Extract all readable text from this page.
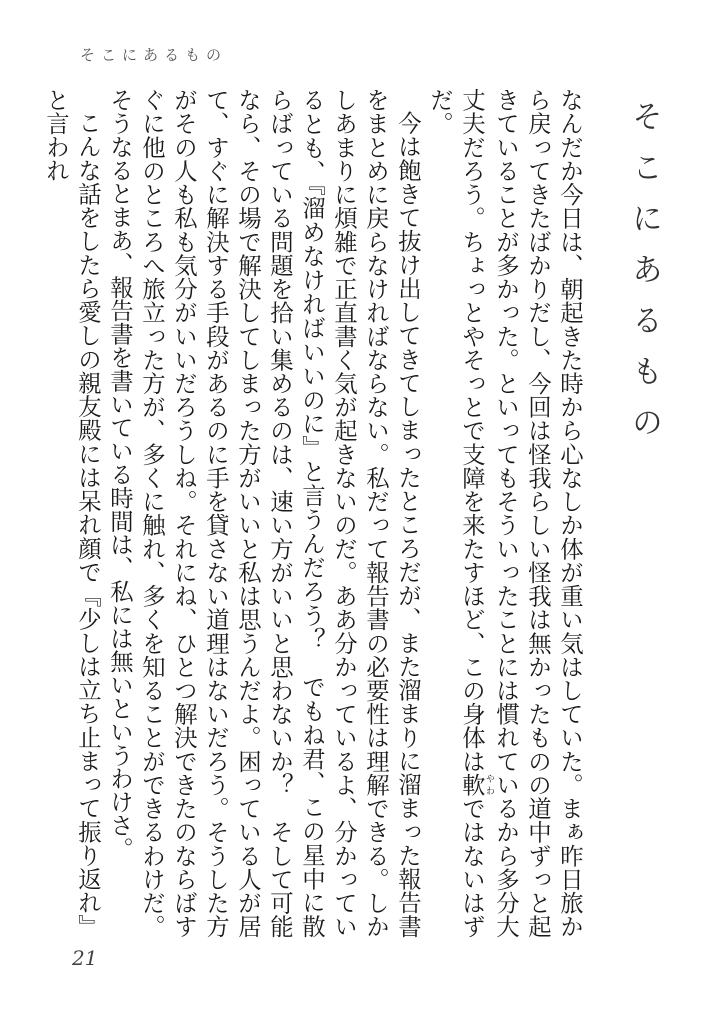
そこにあるもの
そこにあるもの

なんだか今日は、朝起きた時から心なしか体が重い気はしていた。まぁ昨日旅から戻ってきたばかりだし、今回は怪我らしい怪我は無かったものの道中ずっと起きていることが多かった。といってもそういったことには慣れているから多分大丈夫だろう。ちょっとやそっとで支障を来たすほど、この身体は軟やわではないはずだ。

今は飽きて抜け出してきてしまったところだが、また溜まりに溜まった報告書をまとめに戻らなければならない。私だって報告書の必要性は理解できる。しかしあまりに煩雑で正直書く気が起きないのだ。ああ分かっているよ、分かっているとも、『溜めなければいいのに』と言うんだろう？　でもね君、この星中に散らばっている問題を拾い集めるのは、速い方がいいと思わないか？　そして可能なら、その場で解決してしまった方がいいと私は思うんだよ。困っている人が居て、すぐに解決する手段があるのに手を貸さない道理はないだろう。そうした方がその人も私も気分がいいだろうしね。それにね、ひとつ解決できたのならばすぐに他のところへ旅立った方が、多くに触れ、多くを知ることができるわけだ。そうなるとまあ、報告書を書いている時間は、私には無いというわけさ。

こんな話をしたら愛しの親友殿には呆れ顔で『少しは立ち止まって振り返れ』と言われ

21
